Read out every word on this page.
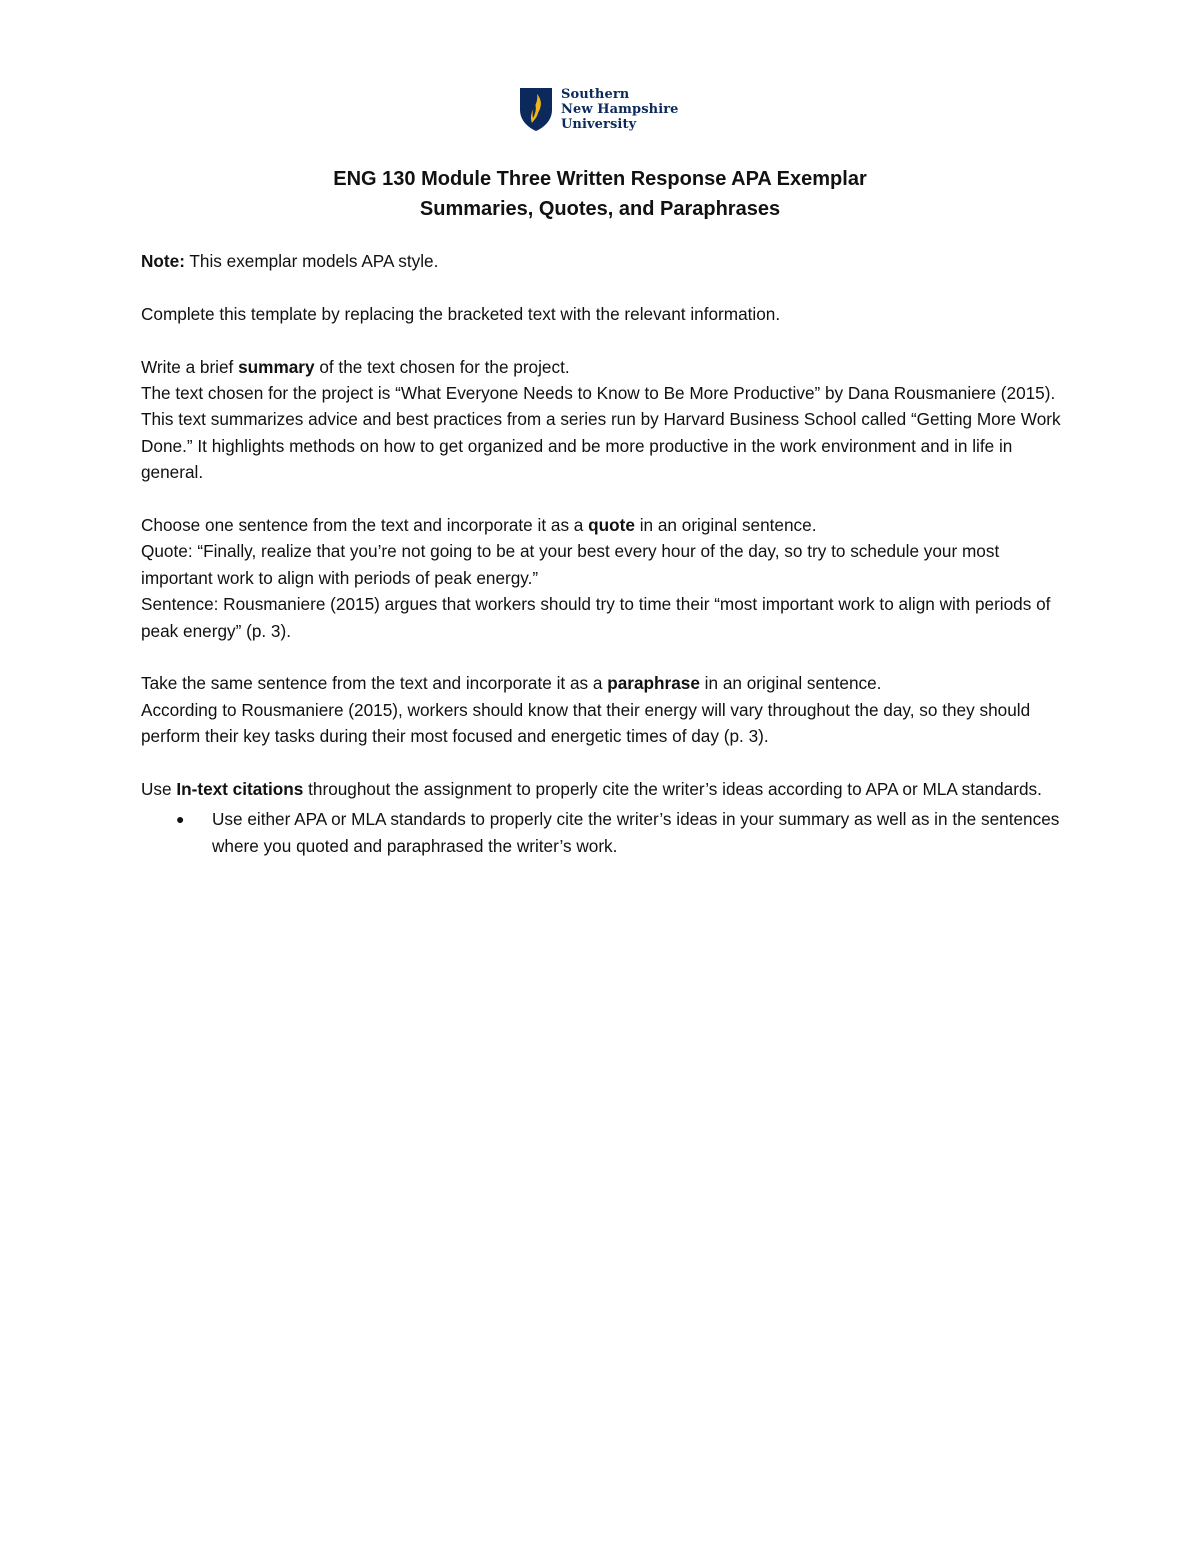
Southern
New Hampshire
University
ENG 130 Module Three Written Response APA Exemplar
Summaries, Quotes, and Paraphrases

Note: This exemplar models APA style.

Complete this template by replacing the bracketed text with the relevant information.

Write a brief summary of the text chosen for the project.

The text chosen for the project is “What Everyone Needs to Know to Be More Productive” by Dana Rousmaniere (2015). This text summarizes advice and best practices from a series run by Harvard Business School called “Getting More Work Done.” It highlights methods on how to get organized and be more productive in the work environment and in life in general.

Choose one sentence from the text and incorporate it as a quote in an original sentence.

Quote: “Finally, realize that you’re not going to be at your best every hour of the day, so try to schedule your most important work to align with periods of peak energy.”

Sentence: Rousmaniere (2015) argues that workers should try to time their “most important work to align with periods of peak energy” (p. 3).

Take the same sentence from the text and incorporate it as a paraphrase in an original sentence.

According to Rousmaniere (2015), workers should know that their energy will vary throughout the day, so they should perform their key tasks during their most focused and energetic times of day (p. 3).

Use In-text citations throughout the assignment to properly cite the writer’s ideas according to APA or MLA standards.

● Use either APA or MLA standards to properly cite the writer’s ideas in your summary as well as in the sentences where you quoted and paraphrased the writer’s work.
